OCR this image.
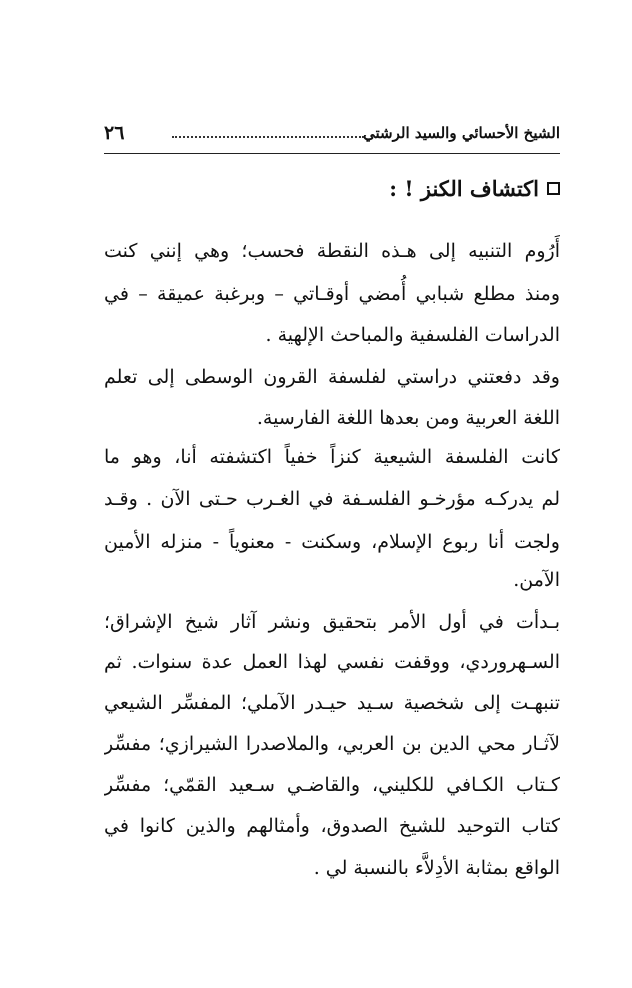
الشيخ الأحسائي والسيد الرشتي
٢٦
اكتشاف الكنز ! :
أَرُوم التنبيه إلى هـذه النقطة فحسب؛ وهي إنني كنت
ومنذ مطلع شبابي أُمضي أوقـاتي – وبرغبة عميقة – في
الدراسات الفلسفية والمباحث الإلهية .
وقد دفعتني دراستي لفلسفة القرون الوسطى إلى تعلم
اللغة العربية ومن بعدها اللغة الفارسية.
كانت الفلسفة الشيعية كنزاً خفياً اكتشفته أنا، وهو ما
لم يدركـه مؤرخـو الفلسـفة في الغـرب حـتى الآن . وقـد
ولجت أنا ربوع الإسلام، وسكنت - معنوياً - منزله الأمين
الآمن.
بـدأت في أول الأمر بتحقيق ونشر آثار شيخ الإشراق؛
السـهروردي، ووقفت نفسي لهذا العمل عدة سنوات. ثم
تنبهـت إلى شخصية سـيد حيـدر الآملي؛ المفسِّر الشيعي
لآثـار محي الدين بن العربي، والملاصدرا الشيرازي؛ مفسِّر
كـتاب الكـافي للكليني، والقاضـي سـعيد القمّي؛ مفسِّر
كتاب التوحيد للشيخ الصدوق، وأمثالهم والذين كانوا في
الواقع بمثابة الأدِلاَّء بالنسبة لي .
